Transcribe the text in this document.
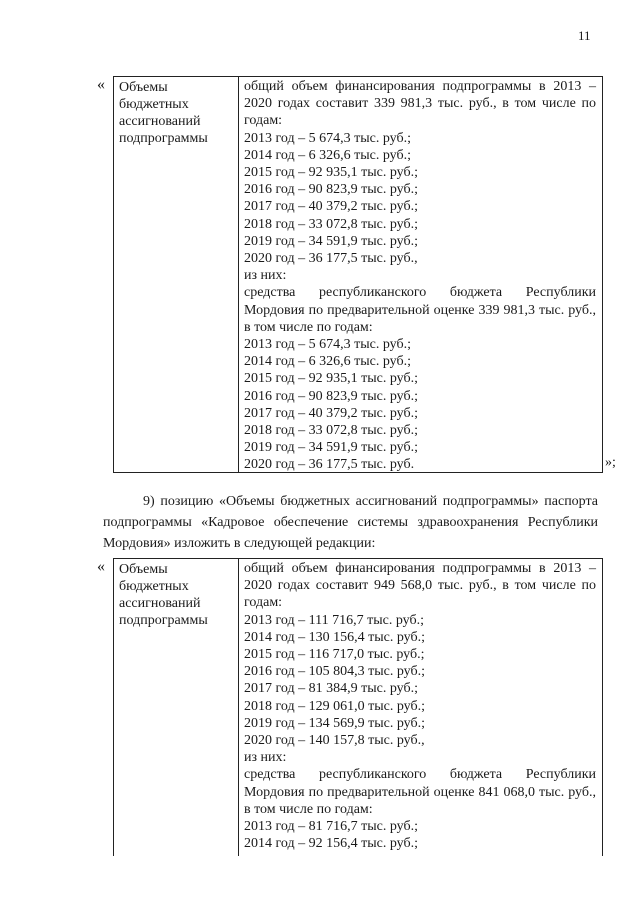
11
«	Объемы бюджетных ассигнований подпрограммы
общий объем финансирования подпрограммы в 2013 – 2020 годах составит 339 981,3 тыс. руб., в том числе по годам:
2013 год – 5 674,3 тыс. руб.;
2014 год – 6 326,6 тыс. руб.;
2015 год – 92 935,1 тыс. руб.;
2016 год – 90 823,9 тыс. руб.;
2017 год – 40 379,2 тыс. руб.;
2018 год – 33 072,8 тыс. руб.;
2019 год – 34 591,9 тыс. руб.;
2020 год – 36 177,5 тыс. руб.,
из них:
средства республиканского бюджета Республики Мордовия по предварительной оценке 339 981,3 тыс. руб., в том числе по годам:
2013 год – 5 674,3 тыс. руб.;
2014 год – 6 326,6 тыс. руб.;
2015 год – 92 935,1 тыс. руб.;
2016 год – 90 823,9 тыс. руб.;
2017 год – 40 379,2 тыс. руб.;
2018 год – 33 072,8 тыс. руб.;
2019 год – 34 591,9 тыс. руб.;
2020 год – 36 177,5 тыс. руб.	»;
9) позицию «Объемы бюджетных ассигнований подпрограммы» паспорта подпрограммы «Кадровое обеспечение системы здравоохранения Республики Мордовия» изложить в следующей редакции:
«	Объемы бюджетных ассигнований подпрограммы
общий объем финансирования подпрограммы в 2013 – 2020 годах составит 949 568,0 тыс. руб., в том числе по годам:
2013 год – 111 716,7 тыс. руб.;
2014 год – 130 156,4 тыс. руб.;
2015 год – 116 717,0 тыс. руб.;
2016 год – 105 804,3 тыс. руб.;
2017 год – 81 384,9 тыс. руб.;
2018 год – 129 061,0 тыс. руб.;
2019 год – 134 569,9 тыс. руб.;
2020 год – 140 157,8 тыс. руб.,
из них:
средства республиканского бюджета Республики Мордовия по предварительной оценке 841 068,0 тыс. руб., в том числе по годам:
2013 год – 81 716,7 тыс. руб.;
2014 год – 92 156,4 тыс. руб.;
